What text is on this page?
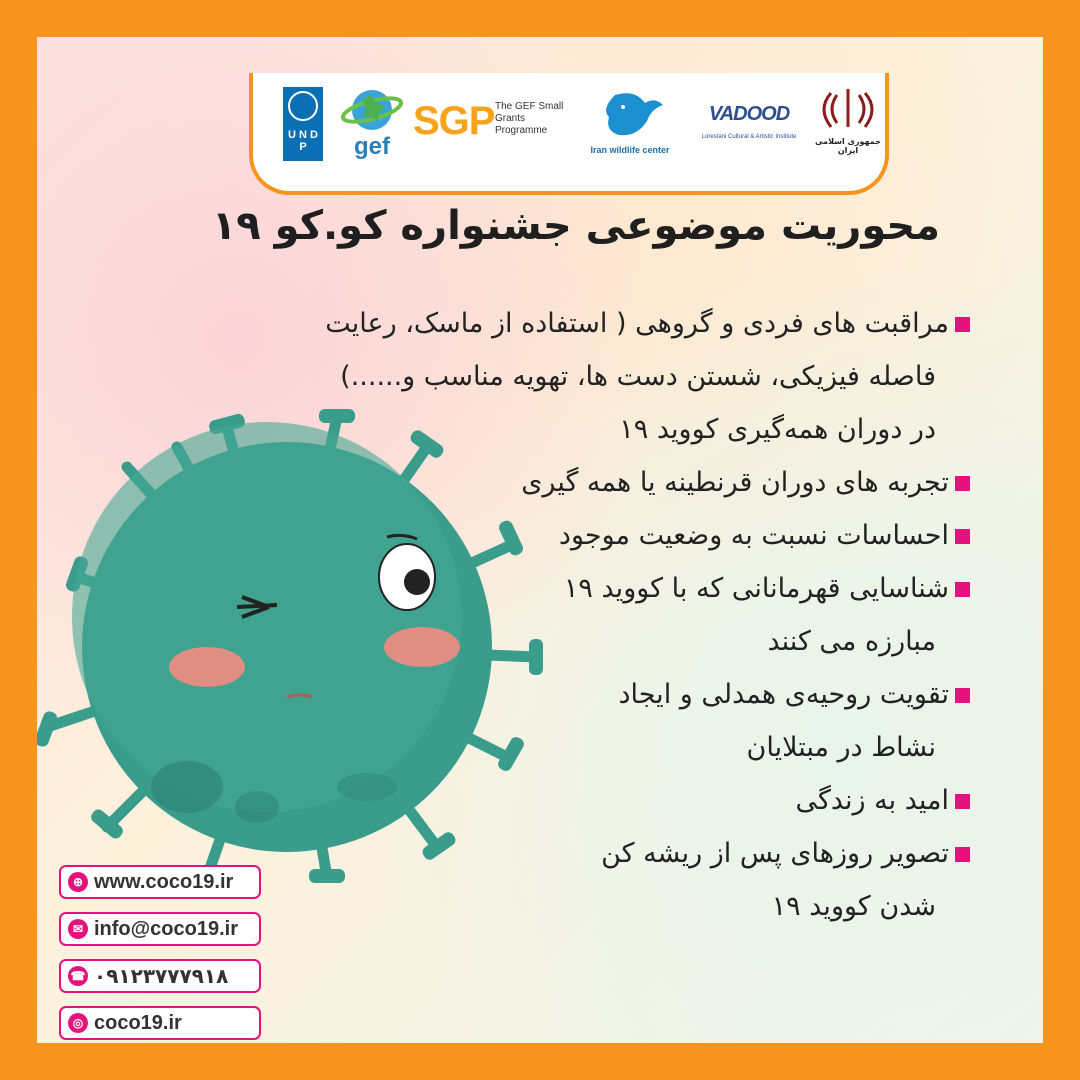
U N D P	gef
SGP The GEF Small Grants Programme
Iran wildlife center
VADOOD
Lorestani Cultural & Artistic Institute	جمهوری اسلامی ایران
محوریت موضوعی جشنواره کو.کو ۱۹
مراقبت های فردی و گروهی ( استفاده از ماسک، رعایت
فاصله فیزیکی، شستن دست ها، تهویه مناسب و......)
در دوران همه‌گیری کووید ۱۹
تجربه‌ های دوران قرنطینه یا همه گیری
احساسات نسبت به وضعیت موجود
شناسایی قهرمانانی که با کووید ۱۹
مبارزه‌ می‌ کنند
تقویت روحیه‌ی همدلی و ایجاد
نشاط در مبتلایان
امید به زندگی
تصویر روزهای پس از ریشه کن
شدن کووید ۱۹
⊕ www.coco19.ir
✉ info@coco19.ir
☎ ۰۹۱۲۳۷۷۷۹۱۸
◎ coco19.ir
